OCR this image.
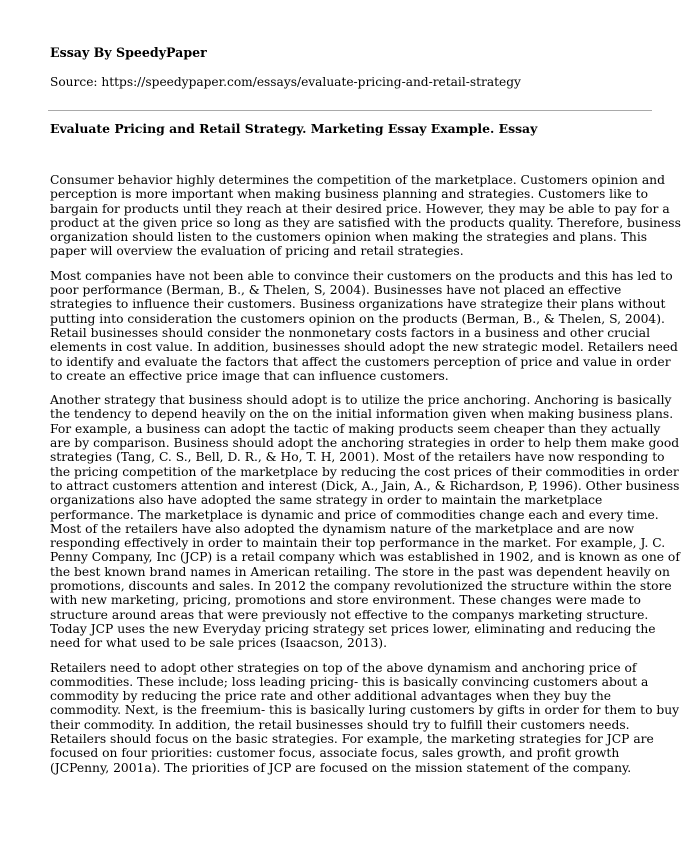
Essay By SpeedyPaper
Source: https://speedypaper.com/essays/evaluate-pricing-and-retail-strategy
Evaluate Pricing and Retail Strategy. Marketing Essay Example. Essay
Consumer behavior highly determines the competition of the marketplace. Customers opinion and
perception is more important when making business planning and strategies. Customers like to
bargain for products until they reach at their desired price. However, they may be able to pay for a
product at the given price so long as they are satisfied with the products quality. Therefore, business
organization should listen to the customers opinion when making the strategies and plans. This
paper will overview the evaluation of pricing and retail strategies.
Most companies have not been able to convince their customers on the products and this has led to
poor performance (Berman, B., & Thelen, S, 2004). Businesses have not placed an effective
strategies to influence their customers. Business organizations have strategize their plans without
putting into consideration the customers opinion on the products (Berman, B., & Thelen, S, 2004).
Retail businesses should consider the nonmonetary costs factors in a business and other crucial
elements in cost value. In addition, businesses should adopt the new strategic model. Retailers need
to identify and evaluate the factors that affect the customers perception of price and value in order
to create an effective price image that can influence customers.
Another strategy that business should adopt is to utilize the price anchoring. Anchoring is basically
the tendency to depend heavily on the on the initial information given when making business plans.
For example, a business can adopt the tactic of making products seem cheaper than they actually
are by comparison. Business should adopt the anchoring strategies in order to help them make good
strategies (Tang, C. S., Bell, D. R., & Ho, T. H, 2001). Most of the retailers have now responding to
the pricing competition of the marketplace by reducing the cost prices of their commodities in order
to attract customers attention and interest (Dick, A., Jain, A., & Richardson, P, 1996). Other business
organizations also have adopted the same strategy in order to maintain the marketplace
performance. The marketplace is dynamic and price of commodities change each and every time.
Most of the retailers have also adopted the dynamism nature of the marketplace and are now
responding effectively in order to maintain their top performance in the market. For example, J. C.
Penny Company, Inc (JCP) is a retail company which was established in 1902, and is known as one of
the best known brand names in American retailing. The store in the past was dependent heavily on
promotions, discounts and sales. In 2012 the company revolutionized the structure within the store
with new marketing, pricing, promotions and store environment. These changes were made to
structure around areas that were previously not effective to the companys marketing structure.
Today JCP uses the new Everyday pricing strategy set prices lower, eliminating and reducing the
need for what used to be sale prices (Isaacson, 2013).
Retailers need to adopt other strategies on top of the above dynamism and anchoring price of
commodities. These include; loss leading pricing- this is basically convincing customers about a
commodity by reducing the price rate and other additional advantages when they buy the
commodity. Next, is the freemium- this is basically luring customers by gifts in order for them to buy
their commodity. In addition, the retail businesses should try to fulfill their customers needs.
Retailers should focus on the basic strategies. For example, the marketing strategies for JCP are
focused on four priorities: customer focus, associate focus, sales growth, and profit growth
(JCPenny, 2001a). The priorities of JCP are focused on the mission statement of the company.
